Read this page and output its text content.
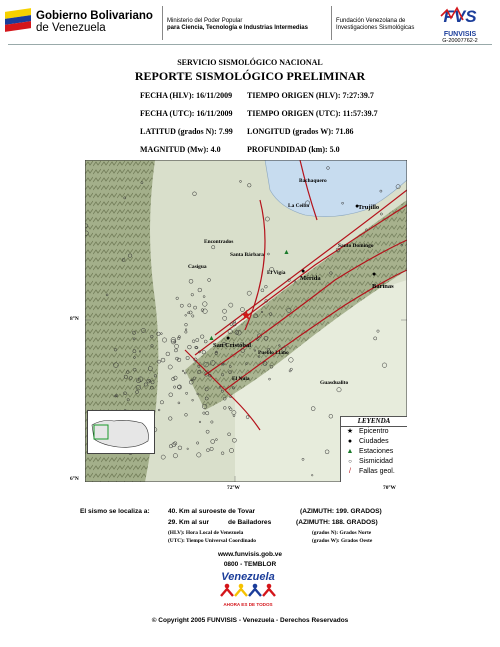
Gobierno Bolivariano
de Venezuela
Ministerio del Poder Popular
para Ciencia, Tecnología e Industrias Intermedias
Fundación Venezolana de
Investigaciones Sismológicas
FVS
FUNVISIS
G-20007762-2
SERVICIO SISMOLÓGICO NACIONAL
REPORTE SISMOLÓGICO PRELIMINAR
FECHA (HLV): 16/11/2009 TIEMPO ORIGEN (HLV): 7:27:39.7
FECHA (UTC): 16/11/2009 TIEMPO ORIGEN (UTC): 11:57:39.7
LATITUD (grados N): 7.99 LONGITUD (grados W): 71.86
MAGNITUD (Mw): 4.0	PROFUNDIDAD (km): 5.0
LEYENDA
★ Epicentro
● Ciudades
▲ Estaciones
○	Sismicidad
/	Fallas geol.
Bachaquero
La Ceiba	Trujillo
Encontrados
Santa Bárbara
Casigua
El Vigía
Mérida
Barinas
Santo Domingo
San Cristóbal
Pueblo Llano
Guasdualito
El Nula
●
●	●
●
▲
▲
★
8°N
6°N
72°W	70°W
El sismo se localiza a:	40. Km al suroeste de Tovar	(AZIMUTH: 199. GRADOS)
29. Km al sur	de Bailadores	(AZIMUTH: 188. GRADOS)
(HLV): Hora Local de Venezuela
(UTC): Tiempo Universal Coordinado
(grados N): Grados Norte
(grados W): Grados Oeste
www.funvisis.gob.ve
0800 - TEMBLOR
Venezuela
AHORA ES DE TODOS
© Copyright 2005 FUNVISIS - Venezuela - Derechos Reservados
